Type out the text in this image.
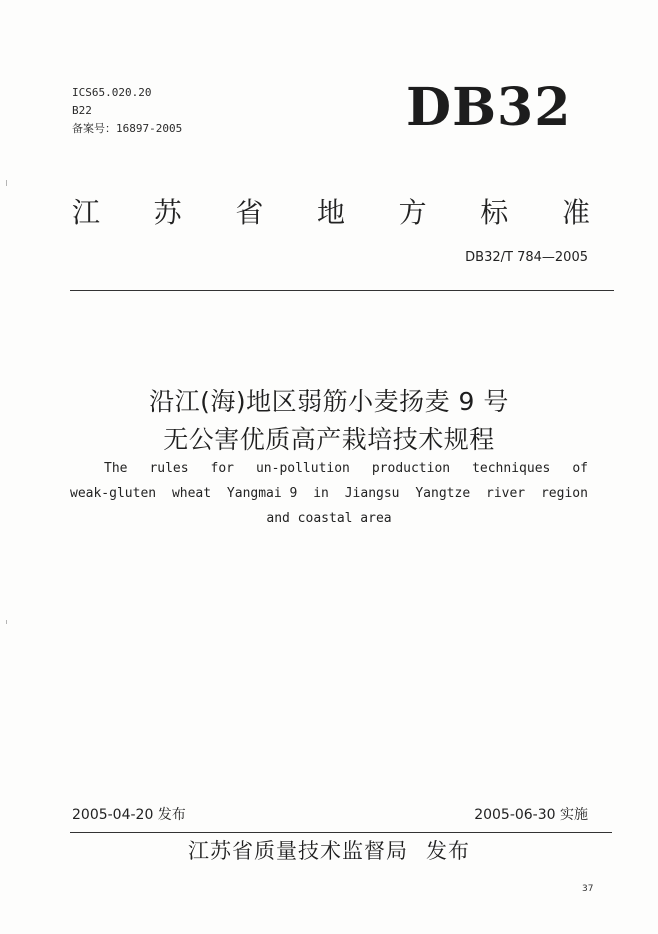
ICS65.020.20
B22
备案号：16897-2005	DB32
江 苏 省 地 方 标 准
DB32/T 784—2005
沿江(海)地区弱筋小麦扬麦 9 号
无公害优质高产栽培技术规程
The rules for un-pollution production techniques of
weak-gluten wheat Yangmai 9 in Jiangsu Yangtze river region
and coastal area
2005-04-20 发布	2005-06-30 实施
江苏省质量技术监督局 发布
37
